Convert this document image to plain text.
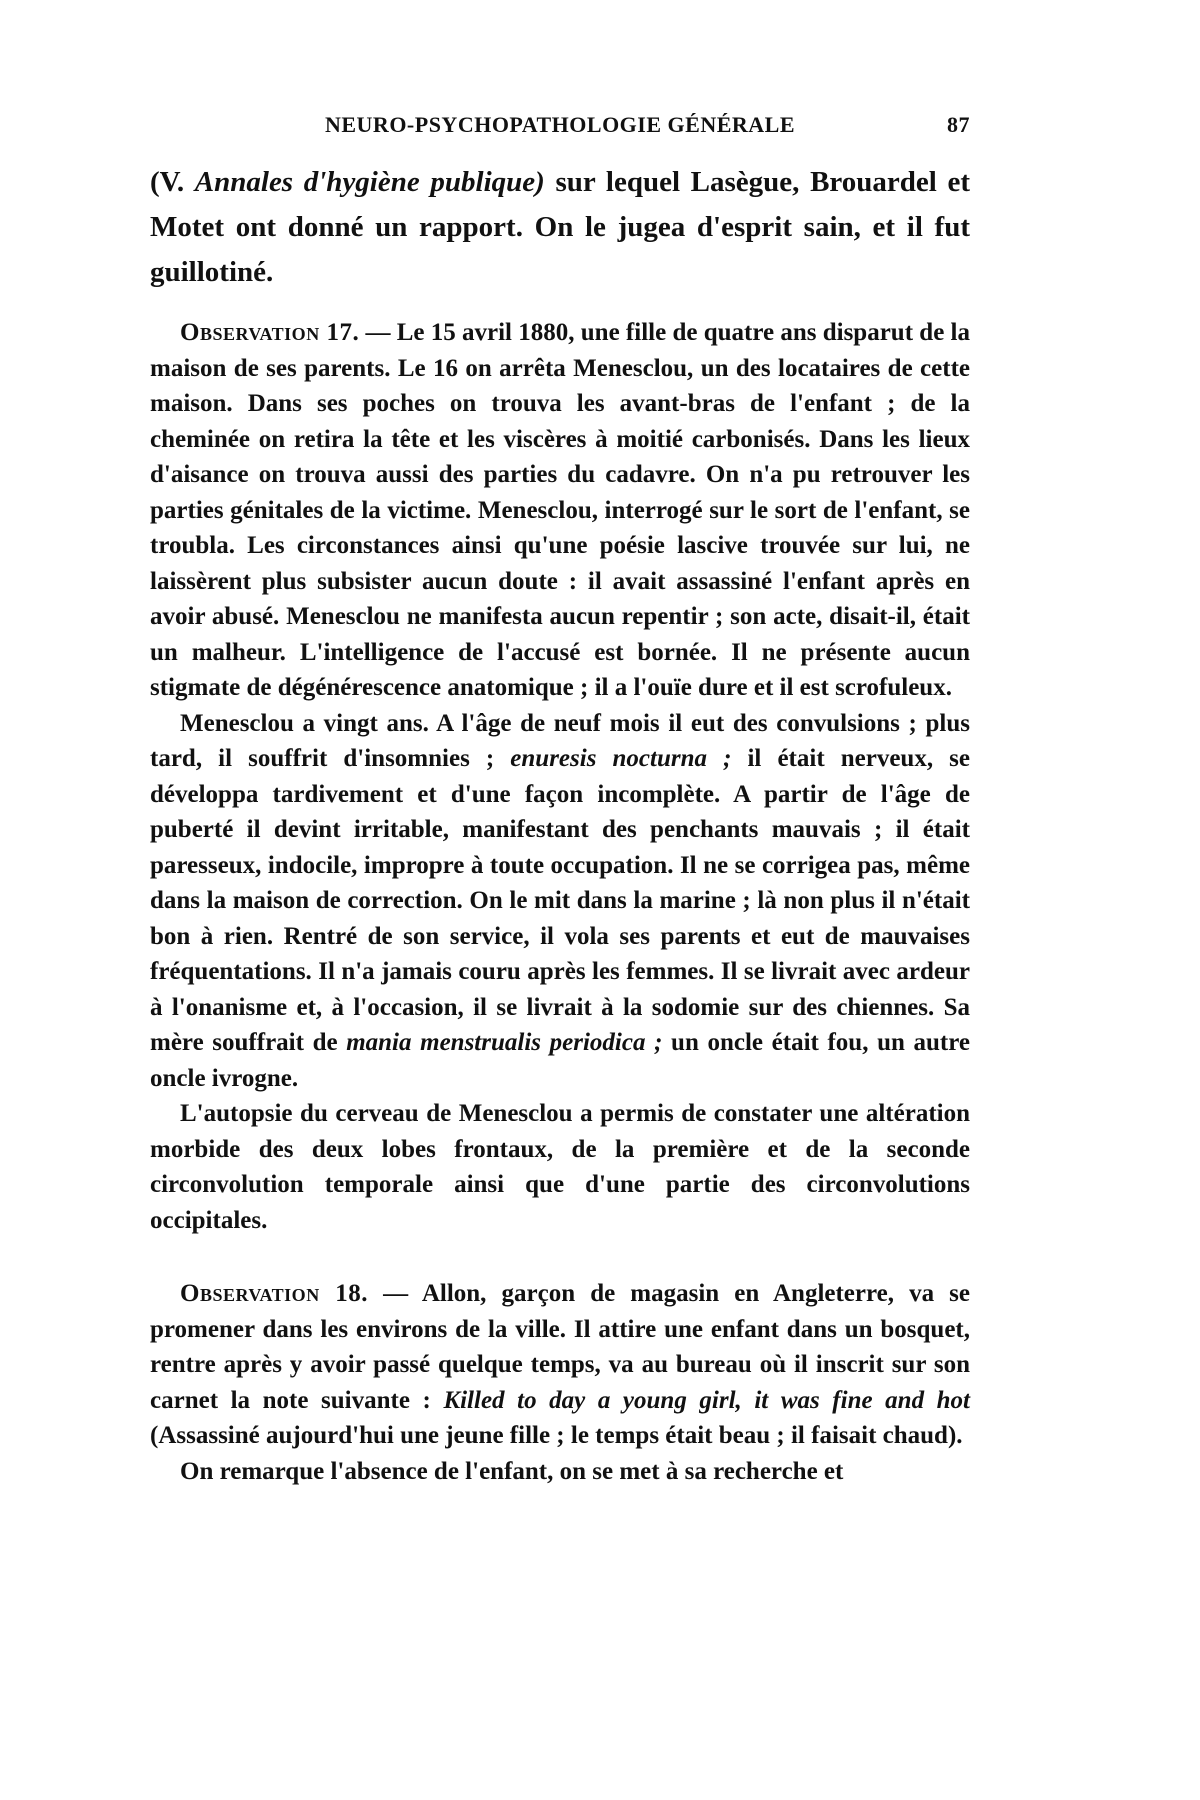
NEURO-PSYCHOPATHOLOGIE GÉNÉRALE	87

(V. Annales d'hygiène publique) sur lequel Lasègue, Brouardel et Motet ont donné un rapport. On le jugea d'esprit sain, et il fut guillotiné.

Observation 17. — Le 15 avril 1880, une fille de quatre ans disparut de la maison de ses parents. Le 16 on arrêta Menesclou, un des locataires de cette maison. Dans ses poches on trouva les avant-bras de l'enfant ; de la cheminée on retira la tête et les viscères à moitié carbonisés. Dans les lieux d'aisance on trouva aussi des parties du cadavre. On n'a pu retrouver les parties génitales de la victime. Menesclou, interrogé sur le sort de l'enfant, se troubla. Les circonstances ainsi qu'une poésie lascive trouvée sur lui, ne laissèrent plus subsister aucun doute : il avait assassiné l'enfant après en avoir abusé. Menesclou ne manifesta aucun repentir ; son acte, disait-il, était un malheur. L'intelligence de l'accusé est bornée. Il ne présente aucun stigmate de dégénérescence anatomique ; il a l'ouïe dure et il est scrofuleux.

Menesclou a vingt ans. A l'âge de neuf mois il eut des convulsions ; plus tard, il souffrit d'insomnies ; enuresis nocturna ; il était nerveux, se développa tardivement et d'une façon incomplète. A partir de l'âge de puberté il devint irritable, manifestant des penchants mauvais ; il était paresseux, indocile, impropre à toute occupation. Il ne se corrigea pas, même dans la maison de correction. On le mit dans la marine ; là non plus il n'était bon à rien. Rentré de son service, il vola ses parents et eut de mauvaises fréquentations. Il n'a jamais couru après les femmes. Il se livrait avec ardeur à l'onanisme et, à l'occasion, il se livrait à la sodomie sur des chiennes. Sa mère souffrait de mania menstrualis periodica ; un oncle était fou, un autre oncle ivrogne.

L'autopsie du cerveau de Menesclou a permis de constater une altération morbide des deux lobes frontaux, de la première et de la seconde circonvolution temporale ainsi que d'une partie des circonvolutions occipitales.

Observation 18. — Allon, garçon de magasin en Angleterre, va se promener dans les environs de la ville. Il attire une enfant dans un bosquet, rentre après y avoir passé quelque temps, va au bureau où il inscrit sur son carnet la note suivante : Killed to day a young girl, it was fine and hot (Assassiné aujourd'hui une jeune fille ; le temps était beau ; il faisait chaud).

On remarque l'absence de l'enfant, on se met à sa recherche et
